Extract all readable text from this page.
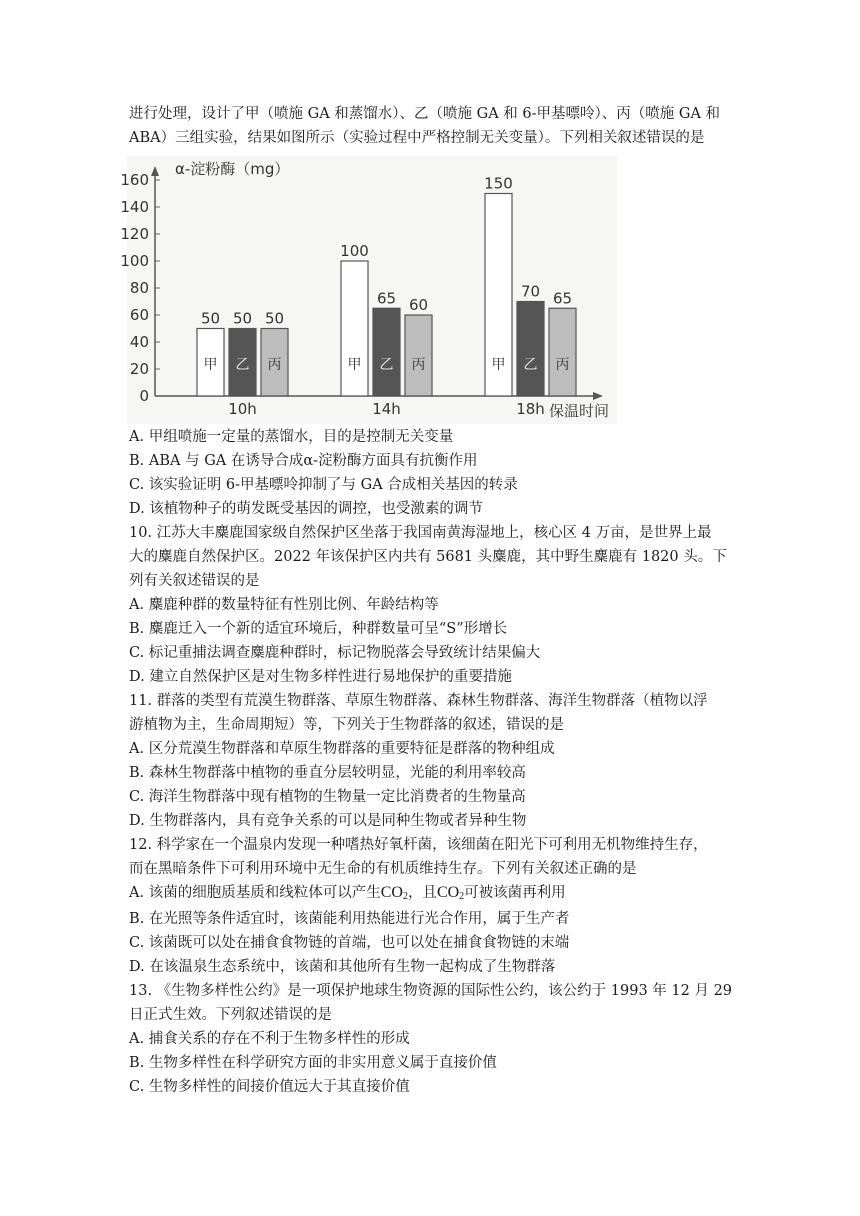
进行处理，设计了甲（喷施 GA 和蒸馏水）、乙（喷施 GA 和 6-甲基嘌呤）、丙（喷施 GA 和
ABA）三组实验，结果如图所示（实验过程中严格控制无关变量）。下列相关叙述错误的是
0
20
40
60
80
100
120
140
160
α-淀粉酶（mg）
保温时间
50
甲
50
乙
50
丙
10h
100
甲
65
乙
60
丙
14h
150
甲
70
乙
65
丙
18h
A. 甲组喷施一定量的蒸馏水，目的是控制无关变量
B. ABA 与 GA 在诱导合成α-淀粉酶方面具有抗衡作用
C. 该实验证明 6-甲基嘌呤抑制了与 GA 合成相关基因的转录
D. 该植物种子的萌发既受基因的调控，也受激素的调节
10. 江苏大丰麋鹿国家级自然保护区坐落于我国南黄海湿地上，核心区 4 万亩，是世界上最
大的麋鹿自然保护区。2022 年该保护区内共有 5681 头麋鹿，其中野生麋鹿有 1820 头。下
列有关叙述错误的是
A. 麋鹿种群的数量特征有性别比例、年龄结构等
B. 麋鹿迁入一个新的适宜环境后，种群数量可呈“S”形增长
C. 标记重捕法调查麋鹿种群时，标记物脱落会导致统计结果偏大
D. 建立自然保护区是对生物多样性进行易地保护的重要措施
11. 群落的类型有荒漠生物群落、草原生物群落、森林生物群落、海洋生物群落（植物以浮
游植物为主，生命周期短）等，下列关于生物群落的叙述，错误的是
A. 区分荒漠生物群落和草原生物群落的重要特征是群落的物种组成
B. 森林生物群落中植物的垂直分层较明显，光能的利用率较高
C. 海洋生物群落中现有植物的生物量一定比消费者的生物量高
D. 生物群落内，具有竞争关系的可以是同种生物或者异种生物
12. 科学家在一个温泉内发现一种嗜热好氧杆菌，该细菌在阳光下可利用无机物维持生存，
而在黑暗条件下可利用环境中无生命的有机质维持生存。下列有关叙述正确的是
A. 该菌的细胞质基质和线粒体可以产生$CO_2$，且$CO_2$可被该菌再利用
B. 在光照等条件适宜时，该菌能利用热能进行光合作用，属于生产者
C. 该菌既可以处在捕食食物链的首端，也可以处在捕食食物链的末端
D. 在该温泉生态系统中，该菌和其他所有生物一起构成了生物群落
13. 《生物多样性公约》是一项保护地球生物资源的国际性公约，该公约于 1993 年 12 月 29
日正式生效。下列叙述错误的是
A. 捕食关系的存在不利于生物多样性的形成
B. 生物多样性在科学研究方面的非实用意义属于直接价值
C. 生物多样性的间接价值远大于其直接价值
